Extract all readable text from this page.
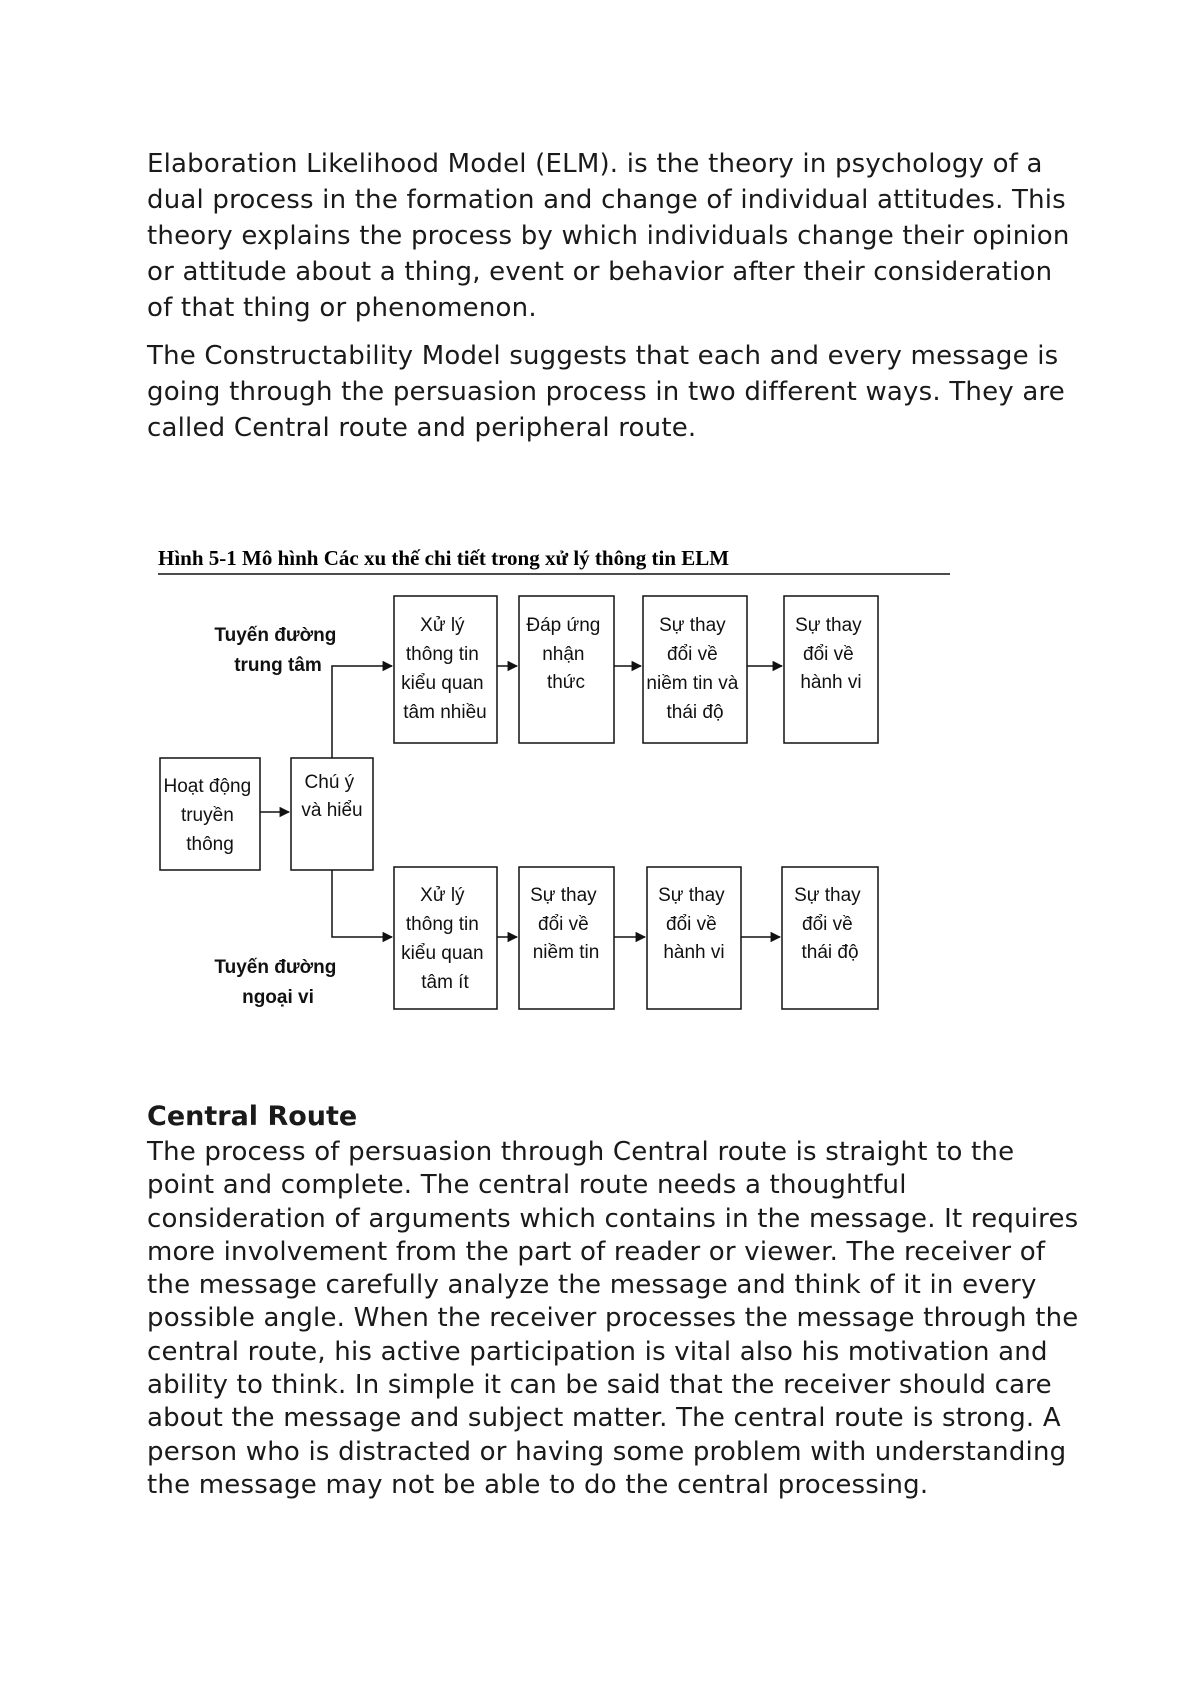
Elaboration Likelihood Model (ELM). is the theory in psychology of a dual process in the formation and change of individual attitudes. This theory explains the process by which individuals change their opinion or attitude about a thing, event or behavior after their consideration of that thing or phenomenon.

The Constructability Model suggests that each and every message is going through the persuasion process in two different ways. They are called Central route and peripheral route.

Hình 5-1 Mô hình Các xu thế chi tiết trong xử lý thông tin ELM
Tuyến đường trung tâm
Tuyến đường ngoại vi
Hoạt động truyền thông
Chú ý và hiểu
Xử lý thông tin kiểu quan tâm nhiều
Đáp ứng nhận thức
Sự thay đổi về niềm tin và thái độ
Sự thay đổi về hành vi
Xử lý thông tin kiểu quan tâm ít
Sự thay đổi về niềm tin
Sự thay đổi về hành vi
Sự thay đổi về thái độ
Central Route

The process of persuasion through Central route is straight to the point and complete. The central route needs a thoughtful consideration of arguments which contains in the message. It requires more involvement from the part of reader or viewer. The receiver of the message carefully analyze the message and think of it in every possible angle. When the receiver processes the message through the central route, his active participation is vital also his motivation and ability to think. In simple it can be said that the receiver should care about the message and subject matter. The central route is strong. A person who is distracted or having some problem with understanding the message may not be able to do the central processing.
